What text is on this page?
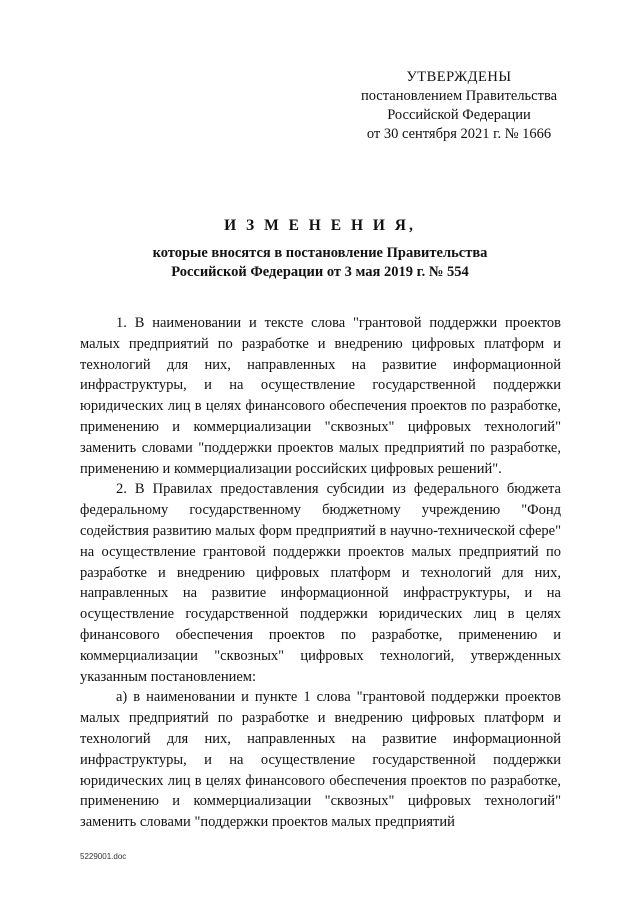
УТВЕРЖДЕНЫ
постановлением Правительства
Российской Федерации
от 30 сентября 2021 г. № 1666
И З М Е Н Е Н И Я,
которые вносятся в постановление Правительства
Российской Федерации от 3 мая 2019 г. № 554

1. В наименовании и тексте слова "грантовой поддержки проектов малых предприятий по разработке и внедрению цифровых платформ и технологий для них, направленных на развитие информационной инфраструктуры, и на осуществление государственной поддержки юридических лиц в целях финансового обеспечения проектов по разработке, применению и коммерциализации "сквозных" цифровых технологий" заменить словами "поддержки проектов малых предприятий по разработке, применению и коммерциализации российских цифровых решений".

2. В Правилах предоставления субсидии из федерального бюджета федеральному государственному бюджетному учреждению "Фонд содействия развитию малых форм предприятий в научно-технической сфере" на осуществление грантовой поддержки проектов малых предприятий по разработке и внедрению цифровых платформ и технологий для них, направленных на развитие информационной инфраструктуры, и на осуществление государственной поддержки юридических лиц в целях финансового обеспечения проектов по разработке, применению и коммерциализации "сквозных" цифровых технологий, утвержденных указанным постановлением:

а) в наименовании и пункте 1 слова "грантовой поддержки проектов малых предприятий по разработке и внедрению цифровых платформ и технологий для них, направленных на развитие информационной инфраструктуры, и на осуществление государственной поддержки юридических лиц в целях финансового обеспечения проектов по разработке, применению и коммерциализации "сквозных" цифровых технологий" заменить словами "поддержки проектов малых предприятий

5229001.doc
